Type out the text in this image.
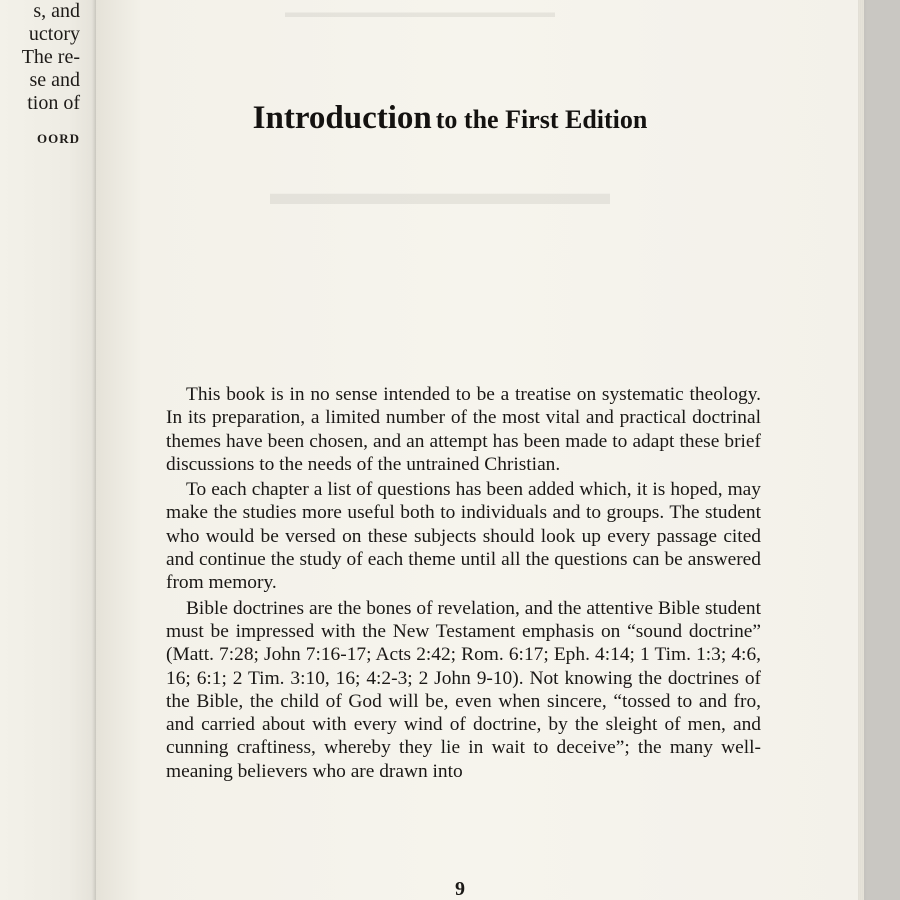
s, and
uctory
The re-
se and
tion of
OORD
▬▬▬▬▬▬▬▬▬▬▬▬▬▬▬▬▬▬
▬▬▬▬▬▬▬▬▬▬
Introduction to the First Edition

This book is in no sense intended to be a treatise on systematic theology. In its preparation, a limited number of the most vital and practical doctrinal themes have been chosen, and an attempt has been made to adapt these brief discussions to the needs of the untrained Christian.

To each chapter a list of questions has been added which, it is hoped, may make the studies more useful both to individuals and to groups. The student who would be versed on these subjects should look up every passage cited and continue the study of each theme until all the questions can be answered from memory.

Bible doctrines are the bones of revelation, and the attentive Bible student must be impressed with the New Testament emphasis on “sound doctrine” (Matt. 7:28; John 7:16-17; Acts 2:42; Rom. 6:17; Eph. 4:14; 1 Tim. 1:3; 4:6, 16; 6:1; 2 Tim. 3:10, 16; 4:2-3; 2 John 9-10). Not knowing the doctrines of the Bible, the child of God will be, even when sincere, “tossed to and fro, and carried about with every wind of doctrine, by the sleight of men, and cunning craftiness, whereby they lie in wait to deceive”; the many well-meaning believers who are drawn into

9
